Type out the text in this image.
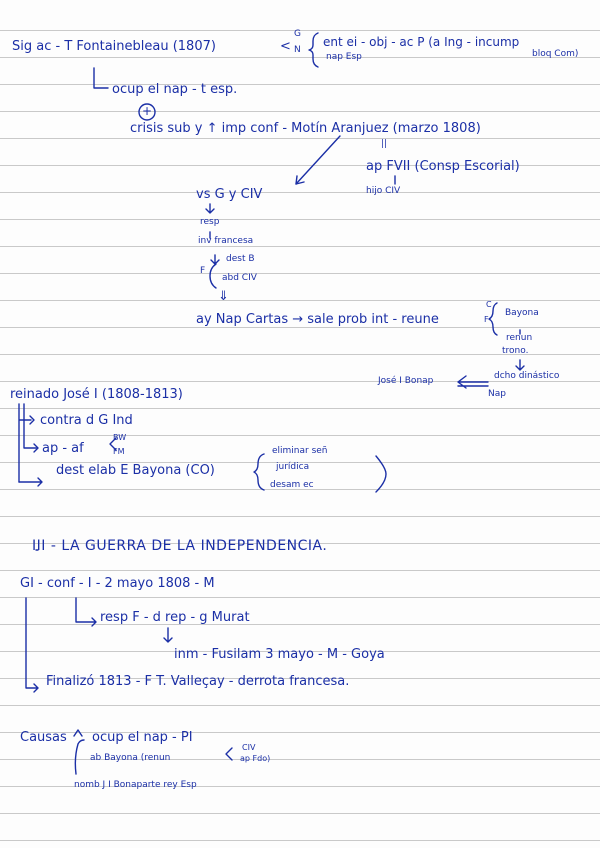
Sig ac - T Fontainebleau (1807)	<
G
N
ent ei - obj - ac P (a Ing - incump
nap Esp	bloq Com)
ocup el nap - t esp.
+
crisis sub y ↑ imp conf - Motín Aranjuez (marzo 1808)
||
ap FVII (Consp Escorial)
hijo CIV
vs G y CIV
resp
inv francesa
dest B
F
abd CIV
⇓
ay Nap Cartas → sale prob int - reune
C
F
Bayona
renun
trono.
José I Bonap	dcho dinástico
Nap
reinado José I (1808-1813)
contra d G Ind
ap - af
BW
FM
dest elab E Bayona (CO)
eliminar señ
jurídica
desam ec
III - LA GUERRA DE LA INDEPENDENCIA.
GI - conf - I - 2 mayo 1808 - M
resp F - d rep - g Murat
inm - Fusilam 3 mayo - M - Goya
Finalizó 1813 - F T. Valleçay - derrota francesa.
Causas ocup el nap - PI
ab Bayona (renun
CIV
ap Fdo)
nomb J I Bonaparte rey Esp
